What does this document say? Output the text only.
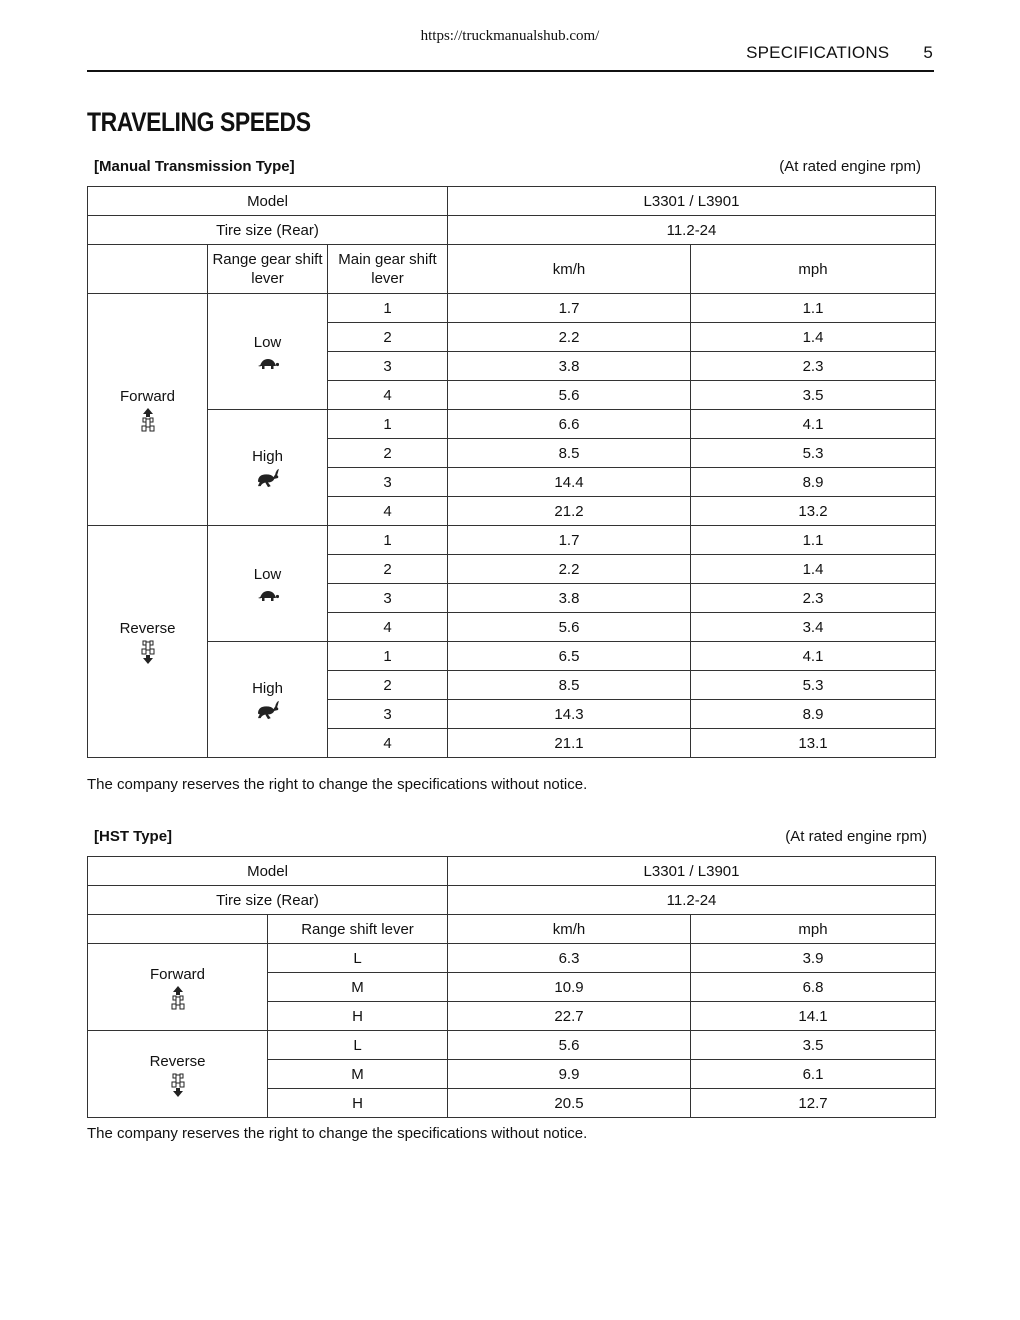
https://truckmanualshub.com/
SPECIFICATIONS 5
TRAVELING SPEEDS
[Manual Transmission Type]	(At rated engine rpm)
Model			L3301 / L3901	
Tire size (Rear)			11.2-24	
	Range gear shift lever	Main gear shift lever	km/h	mph

Forward	Low	1	1.7	1.1
		2	2.2	1.4
		3	3.8	2.3
		4	5.6	3.5

	High	1	6.6	4.1
		2	8.5	5.3
		3	14.4	8.9
		4	21.2	13.2

Reverse	Low	1	1.7	1.1
		2	2.2	1.4
		3	3.8	2.3
		4	5.6	3.4

	High	1	6.5	4.1
		2	8.5	5.3
		3	14.3	8.9
		4	21.1	13.1
The company reserves the right to change the specifications without notice.
[HST Type]	(At rated engine rpm)
Model		L3301 / L3901	
Tire size (Rear)		11.2-24	
	Range shift lever	km/h	mph

Forward	L	6.3	3.9
	M	10.9	6.8
	H	22.7	14.1

Reverse	L	5.6	3.5
	M	9.9	6.1
	H	20.5	12.7
The company reserves the right to change the specifications without notice.
